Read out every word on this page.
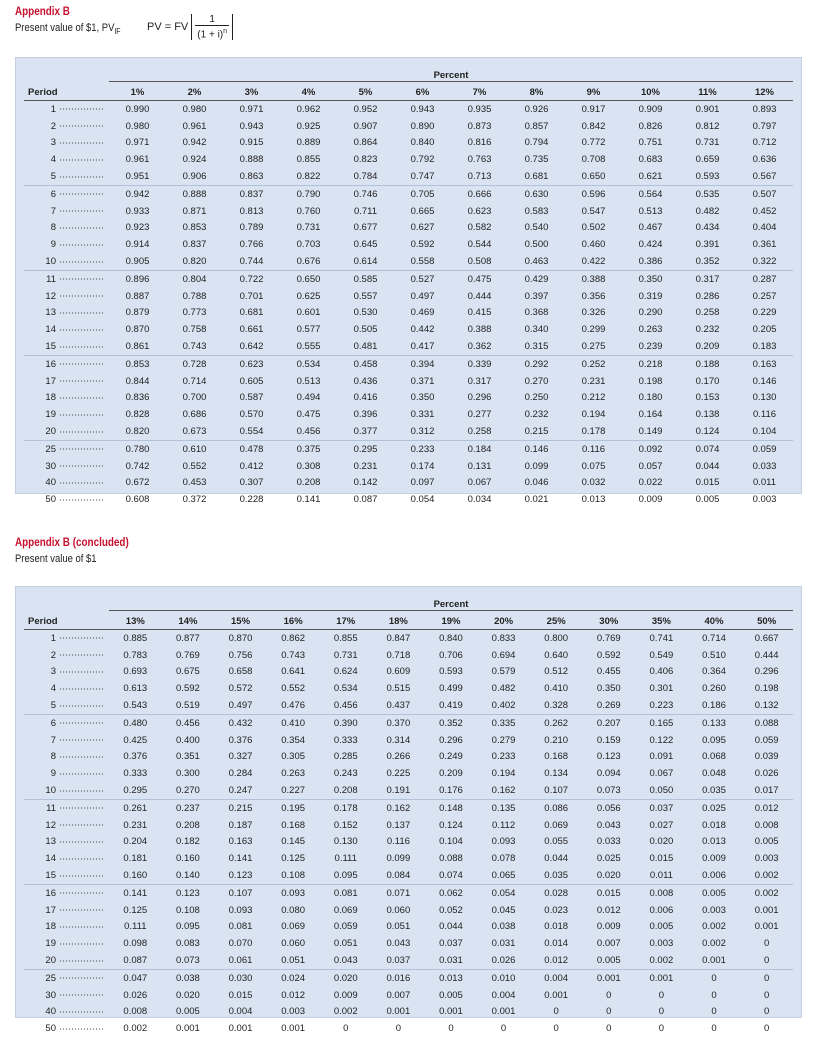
Appendix B
Present value of $1, $PV_{IF}$ PV = FV $\frac{1}{(1 + i)^n}$

	Percent											

Period	1%	2%	3%	4%	5%	6%	7%	8%	9%	10%	11%	12%
1	0.990	0.980	0.971	0.962	0.952	0.943	0.935	0.926	0.917	0.909	0.901	0.893
2	0.980	0.961	0.943	0.925	0.907	0.890	0.873	0.857	0.842	0.826	0.812	0.797
3	0.971	0.942	0.915	0.889	0.864	0.840	0.816	0.794	0.772	0.751	0.731	0.712
4	0.961	0.924	0.888	0.855	0.823	0.792	0.763	0.735	0.708	0.683	0.659	0.636
5	0.951	0.906	0.863	0.822	0.784	0.747	0.713	0.681	0.650	0.621	0.593	0.567
6	0.942	0.888	0.837	0.790	0.746	0.705	0.666	0.630	0.596	0.564	0.535	0.507
7	0.933	0.871	0.813	0.760	0.711	0.665	0.623	0.583	0.547	0.513	0.482	0.452
8	0.923	0.853	0.789	0.731	0.677	0.627	0.582	0.540	0.502	0.467	0.434	0.404
9	0.914	0.837	0.766	0.703	0.645	0.592	0.544	0.500	0.460	0.424	0.391	0.361
10	0.905	0.820	0.744	0.676	0.614	0.558	0.508	0.463	0.422	0.386	0.352	0.322
11	0.896	0.804	0.722	0.650	0.585	0.527	0.475	0.429	0.388	0.350	0.317	0.287
12	0.887	0.788	0.701	0.625	0.557	0.497	0.444	0.397	0.356	0.319	0.286	0.257
13	0.879	0.773	0.681	0.601	0.530	0.469	0.415	0.368	0.326	0.290	0.258	0.229
14	0.870	0.758	0.661	0.577	0.505	0.442	0.388	0.340	0.299	0.263	0.232	0.205
15	0.861	0.743	0.642	0.555	0.481	0.417	0.362	0.315	0.275	0.239	0.209	0.183
16	0.853	0.728	0.623	0.534	0.458	0.394	0.339	0.292	0.252	0.218	0.188	0.163
17	0.844	0.714	0.605	0.513	0.436	0.371	0.317	0.270	0.231	0.198	0.170	0.146
18	0.836	0.700	0.587	0.494	0.416	0.350	0.296	0.250	0.212	0.180	0.153	0.130
19	0.828	0.686	0.570	0.475	0.396	0.331	0.277	0.232	0.194	0.164	0.138	0.116
20	0.820	0.673	0.554	0.456	0.377	0.312	0.258	0.215	0.178	0.149	0.124	0.104
25	0.780	0.610	0.478	0.375	0.295	0.233	0.184	0.146	0.116	0.092	0.074	0.059
30	0.742	0.552	0.412	0.308	0.231	0.174	0.131	0.099	0.075	0.057	0.044	0.033
40	0.672	0.453	0.307	0.208	0.142	0.097	0.067	0.046	0.032	0.022	0.015	0.011
50	0.608	0.372	0.228	0.141	0.087	0.054	0.034	0.021	0.013	0.009	0.005	0.003
Appendix B (concluded)
Present value of $1

	Percent												

Period	13%	14%	15%	16%	17%	18%	19%	20%	25%	30%	35%	40%	50%
1	0.885	0.877	0.870	0.862	0.855	0.847	0.840	0.833	0.800	0.769	0.741	0.714	0.667
2	0.783	0.769	0.756	0.743	0.731	0.718	0.706	0.694	0.640	0.592	0.549	0.510	0.444
3	0.693	0.675	0.658	0.641	0.624	0.609	0.593	0.579	0.512	0.455	0.406	0.364	0.296
4	0.613	0.592	0.572	0.552	0.534	0.515	0.499	0.482	0.410	0.350	0.301	0.260	0.198
5	0.543	0.519	0.497	0.476	0.456	0.437	0.419	0.402	0.328	0.269	0.223	0.186	0.132
6	0.480	0.456	0.432	0.410	0.390	0.370	0.352	0.335	0.262	0.207	0.165	0.133	0.088
7	0.425	0.400	0.376	0.354	0.333	0.314	0.296	0.279	0.210	0.159	0.122	0.095	0.059
8	0.376	0.351	0.327	0.305	0.285	0.266	0.249	0.233	0.168	0.123	0.091	0.068	0.039
9	0.333	0.300	0.284	0.263	0.243	0.225	0.209	0.194	0.134	0.094	0.067	0.048	0.026
10	0.295	0.270	0.247	0.227	0.208	0.191	0.176	0.162	0.107	0.073	0.050	0.035	0.017
11	0.261	0.237	0.215	0.195	0.178	0.162	0.148	0.135	0.086	0.056	0.037	0.025	0.012
12	0.231	0.208	0.187	0.168	0.152	0.137	0.124	0.112	0.069	0.043	0.027	0.018	0.008
13	0.204	0.182	0.163	0.145	0.130	0.116	0.104	0.093	0.055	0.033	0.020	0.013	0.005
14	0.181	0.160	0.141	0.125	0.111	0.099	0.088	0.078	0.044	0.025	0.015	0.009	0.003
15	0.160	0.140	0.123	0.108	0.095	0.084	0.074	0.065	0.035	0.020	0.011	0.006	0.002
16	0.141	0.123	0.107	0.093	0.081	0.071	0.062	0.054	0.028	0.015	0.008	0.005	0.002
17	0.125	0.108	0.093	0.080	0.069	0.060	0.052	0.045	0.023	0.012	0.006	0.003	0.001
18	0.111	0.095	0.081	0.069	0.059	0.051	0.044	0.038	0.018	0.009	0.005	0.002	0.001
19	0.098	0.083	0.070	0.060	0.051	0.043	0.037	0.031	0.014	0.007	0.003	0.002	0
20	0.087	0.073	0.061	0.051	0.043	0.037	0.031	0.026	0.012	0.005	0.002	0.001	0
25	0.047	0.038	0.030	0.024	0.020	0.016	0.013	0.010	0.004	0.001	0.001	0	0
30	0.026	0.020	0.015	0.012	0.009	0.007	0.005	0.004	0.001	0	0	0	0
40	0.008	0.005	0.004	0.003	0.002	0.001	0.001	0.001	0	0	0	0	0
50	0.002	0.001	0.001	0.001	0	0	0	0	0	0	0	0	0
